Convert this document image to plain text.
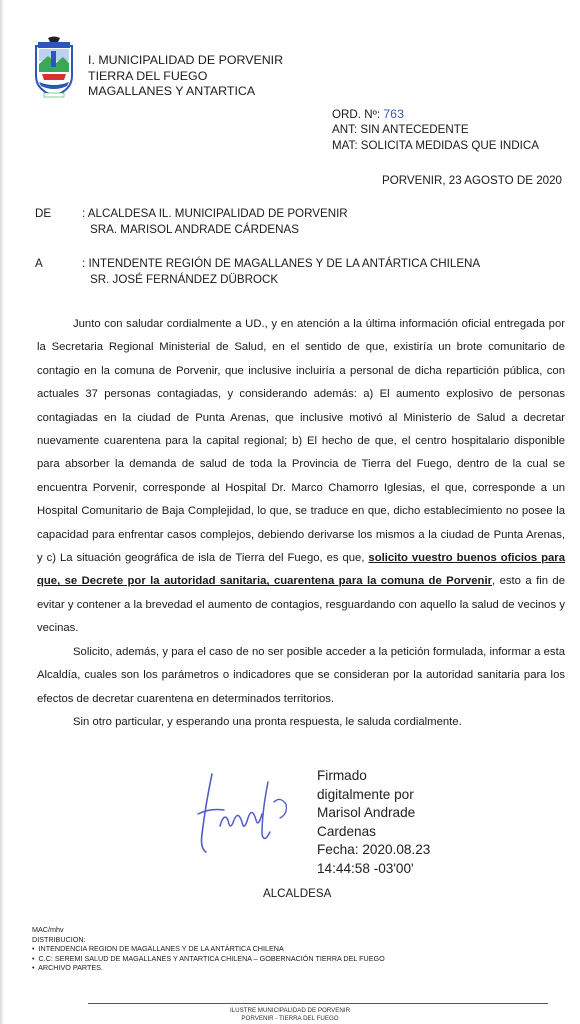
I. MUNICIPALIDAD DE PORVENIR
TIERRA DEL FUEGO
MAGALLANES Y ANTARTICA
ORD. Nº: 763
ANT: SIN ANTECEDENTE
MAT: SOLICITA MEDIDAS QUE INDICA
PORVENIR, 23 AGOSTO DE 2020
DE	: ALCALDESA IL. MUNICIPALIDAD DE PORVENIR
SRA. MARISOL ANDRADE CÁRDENAS
A	: INTENDENTE REGIÓN DE MAGALLANES Y DE LA ANTÁRTICA CHILENA
SR. JOSÉ FERNÁNDEZ DÜBROCK

Junto con saludar cordialmente a UD., y en atención a la última información oficial entregada por la Secretaria Regional Ministerial de Salud, en el sentido de que, existiría un brote comunitario de contagio en la comuna de Porvenir, que inclusive incluiría a personal de dicha repartición pública, con actuales 37 personas contagiadas, y considerando además: a) El aumento explosivo de personas contagiadas en la ciudad de Punta Arenas, que inclusive motivó al Ministerio de Salud a decretar nuevamente cuarentena para la capital regional; b) El hecho de que, el centro hospitalario disponible para absorber la demanda de salud de toda la Provincia de Tierra del Fuego, dentro de la cual se encuentra Porvenir, corresponde al Hospital Dr. Marco Chamorro Iglesias, el que, corresponde a un Hospital Comunitario de Baja Complejidad, lo que, se traduce en que, dicho establecimiento no posee la capacidad para enfrentar casos complejos, debiendo derivarse los mismos a la ciudad de Punta Arenas, y c) La situación geográfica de isla de Tierra del Fuego, es que, solicito vuestro buenos oficios para que, se Decrete por la autoridad sanitaria, cuarentena para la comuna de Porvenir, esto a fin de evitar y contener a la brevedad el aumento de contagios, resguardando con aquello la salud de vecinos y vecinas.

Solicito, además, y para el caso de no ser posible acceder a la petición formulada, informar a esta Alcaldía, cuales son los parámetros o indicadores que se consideran por la autoridad sanitaria para los efectos de decretar cuarentena en determinados territorios.

Sin otro particular, y esperando una pronta respuesta, le saluda cordialmente.

Firmado
digitalmente por
Marisol Andrade
Cardenas
Fecha: 2020.08.23
14:44:58 -03'00'
ALCALDESA
MAC/mhv
DISTRIBUCION:
•  INTENDENCIA REGION DE MAGALLANES Y DE LA ANTÁRTICA CHILENA
•  C.C: SEREMI SALUD DE MAGALLANES Y ANTARTICA CHILENA – GOBERNACIÓN TIERRA DEL FUEGO
•  ARCHIVO PARTES.
ILUSTRE MUNICIPALIDAD DE PORVENIR
PORVENIR - TIERRA DEL FUEGO
